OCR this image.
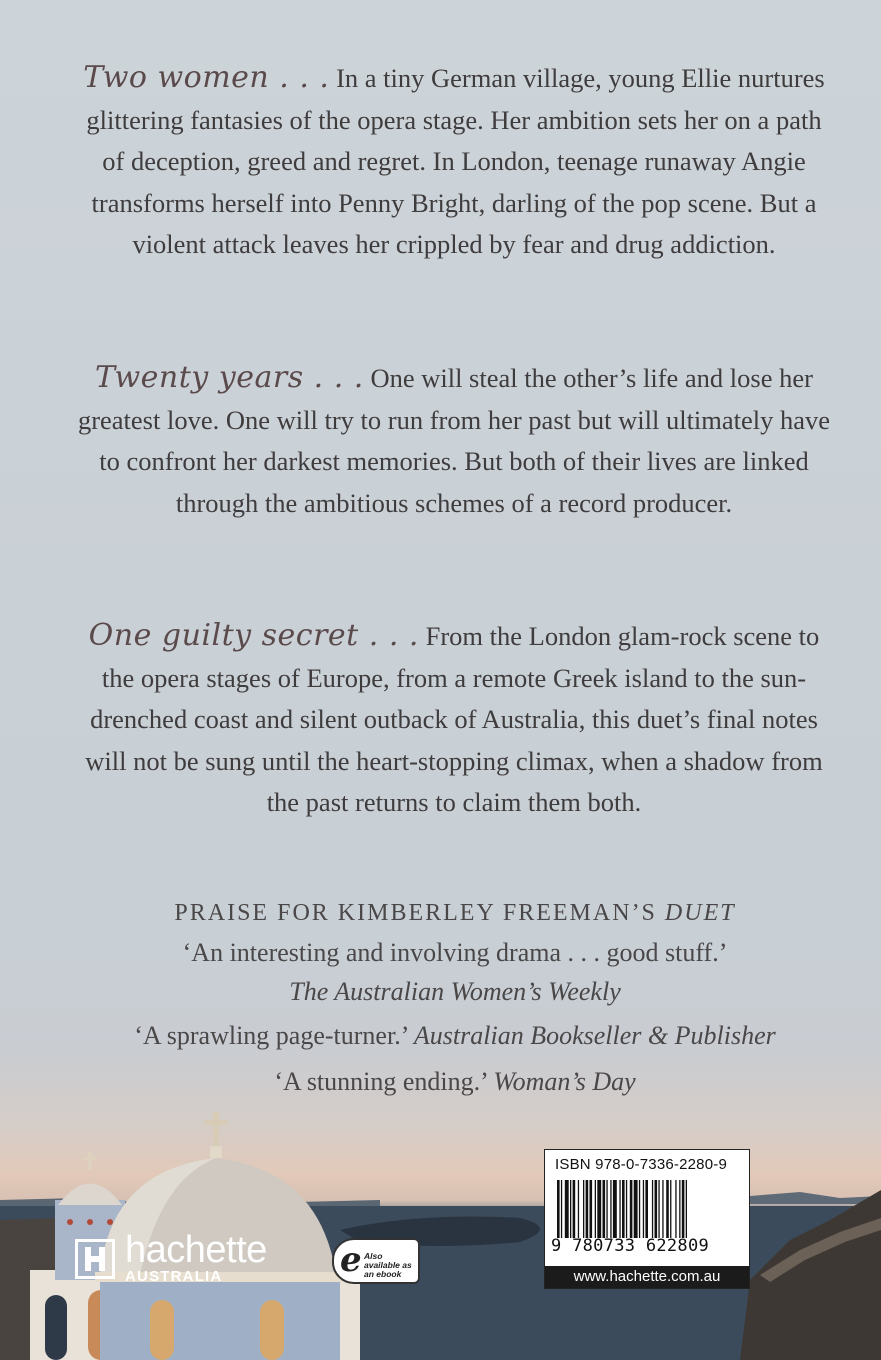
Two women . . . In a tiny German village, young Ellie nurtures glittering fantasies of the opera stage. Her ambition sets her on a path of deception, greed and regret. In London, teenage runaway Angie transforms herself into Penny Bright, darling of the pop scene. But a violent attack leaves her crippled by fear and drug addiction.

Twenty years . . . One will steal the other’s life and lose her greatest love. One will try to run from her past but will ultimately have to confront her darkest memories. But both of their lives are linked through the ambitious schemes of a record producer.

One guilty secret . . . From the London glam-rock scene to the opera stages of Europe, from a remote Greek island to the sun-drenched coast and silent outback of Australia, this duet’s final notes will not be sung until the heart-stopping climax, when a shadow from the past returns to claim them both.

PRAISE FOR KIMBERLEY FREEMAN’S DUET

‘An interesting and involving drama . . . good stuff.’

The Australian Women’s Weekly

‘A sprawling page-turner.’ Australian Bookseller & Publisher

‘A stunning ending.’ Woman’s Day

hachette
AUSTRALIA	e Also available as an ebook
ISBN 978-0-7336-2280-9
9 780733 622809
www.hachette.com.au
